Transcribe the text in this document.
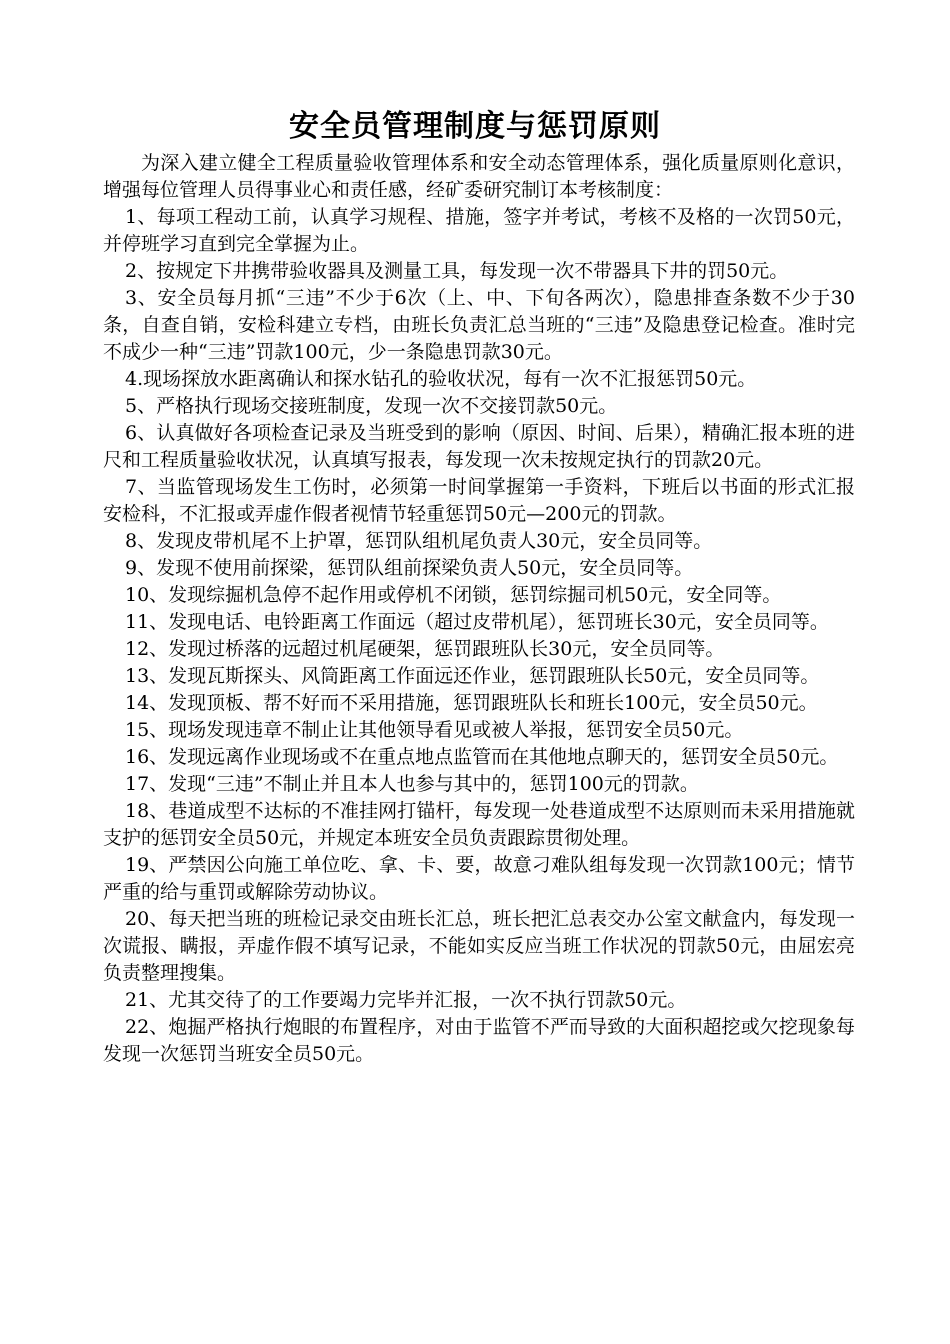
安全员管理制度与惩罚原则

为深入建立健全工程质量验收管理体系和安全动态管理体系，强化质量原则化意识，增强每位管理人员得事业心和责任感，经矿委研究制订本考核制度：

1、每项工程动工前，认真学习规程、措施，签字并考试，考核不及格的一次罚50元，并停班学习直到完全掌握为止。

2、按规定下井携带验收器具及测量工具，每发现一次不带器具下井的罚50元。

3、安全员每月抓“三违”不少于6次（上、中、下旬各两次），隐患排查条数不少于30条，自查自销，安检科建立专档，由班长负责汇总当班的“三违”及隐患登记检查。准时完不成少一种“三违”罚款100元，少一条隐患罚款30元。

4.现场探放水距离确认和探水钻孔的验收状况，每有一次不汇报惩罚50元。

5、严格执行现场交接班制度，发现一次不交接罚款50元。

6、认真做好各项检查记录及当班受到的影响（原因、时间、后果），精确汇报本班的进尺和工程质量验收状况，认真填写报表，每发现一次未按规定执行的罚款20元。

7、当监管现场发生工伤时，必须第一时间掌握第一手资料，下班后以书面的形式汇报安检科，不汇报或弄虚作假者视情节轻重惩罚50元—200元的罚款。

8、发现皮带机尾不上护罩，惩罚队组机尾负责人30元，安全员同等。

9、发现不使用前探梁，惩罚队组前探梁负责人50元，安全员同等。

10、发现综掘机急停不起作用或停机不闭锁，惩罚综掘司机50元，安全同等。

11、发现电话、电铃距离工作面远（超过皮带机尾），惩罚班长30元，安全员同等。

12、发现过桥落的远超过机尾硬架，惩罚跟班队长30元，安全员同等。

13、发现瓦斯探头、风筒距离工作面远还作业，惩罚跟班队长50元，安全员同等。

14、发现顶板、帮不好而不采用措施，惩罚跟班队长和班长100元，安全员50元。

15、现场发现违章不制止让其他领导看见或被人举报，惩罚安全员50元。

16、发现远离作业现场或不在重点地点监管而在其他地点聊天的，惩罚安全员50元。

17、发现“三违”不制止并且本人也参与其中的，惩罚100元的罚款。

18、巷道成型不达标的不准挂网打锚杆，每发现一处巷道成型不达原则而未采用措施就支护的惩罚安全员50元，并规定本班安全员负责跟踪贯彻处理。

19、严禁因公向施工单位吃、拿、卡、要，故意刁难队组每发现一次罚款100元；情节严重的给与重罚或解除劳动协议。

20、每天把当班的班检记录交由班长汇总，班长把汇总表交办公室文献盒内，每发现一次谎报、瞒报，弄虚作假不填写记录，不能如实反应当班工作状况的罚款50元，由屈宏亮负责整理搜集。

21、尤其交待了的工作要竭力完毕并汇报，一次不执行罚款50元。

22、炮掘严格执行炮眼的布置程序，对由于监管不严而导致的大面积超挖或欠挖现象每发现一次惩罚当班安全员50元。
